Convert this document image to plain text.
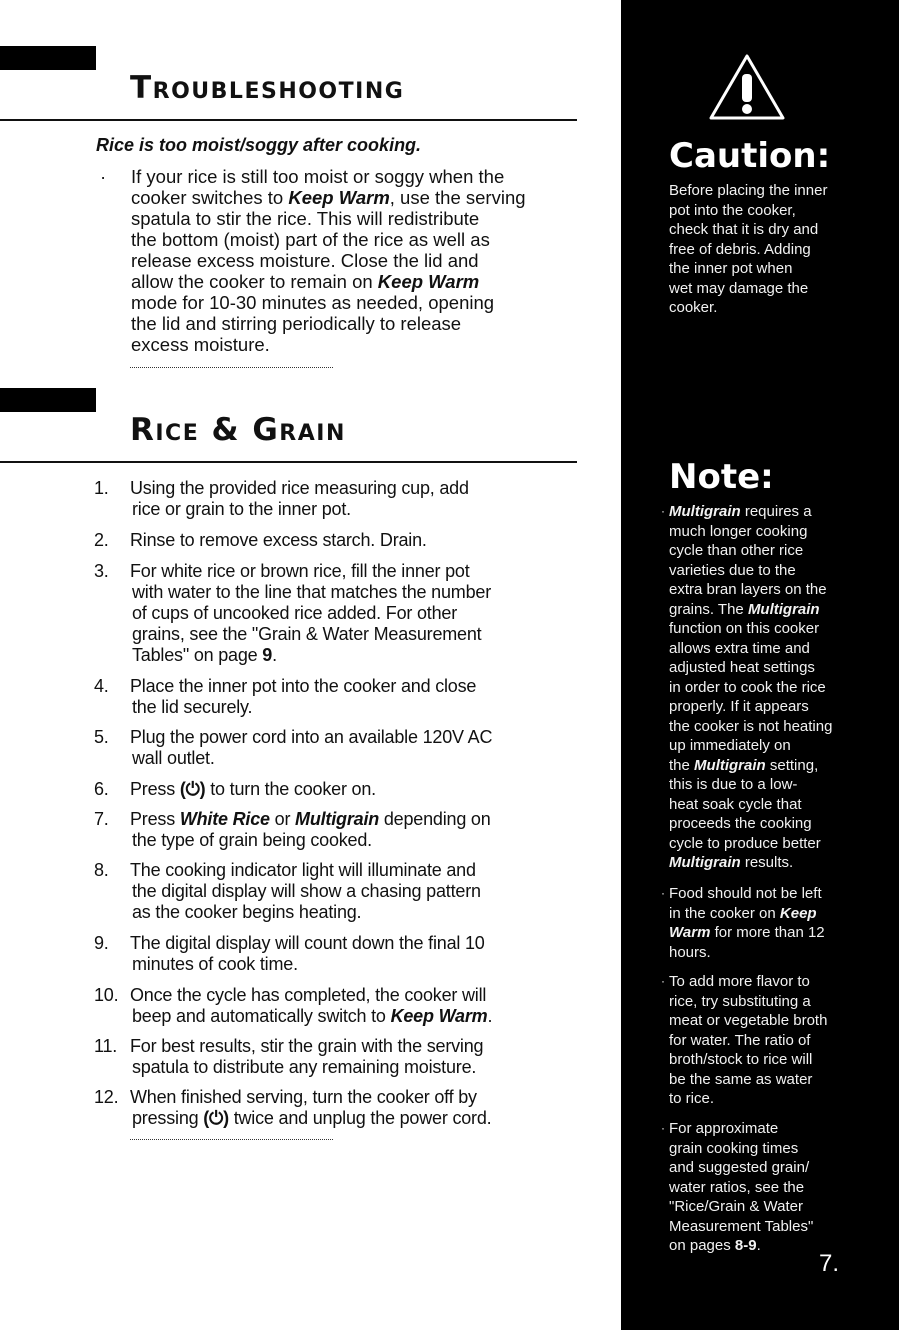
Troubleshooting
Rice is too moist/soggy after cooking.
· If your rice is still too moist or soggy when the
cooker switches to Keep Warm, use the serving
spatula to stir the rice. This will redistribute
the bottom (moist) part of the rice as well as
release excess moisture. Close the lid and
allow the cooker to remain on Keep Warm
mode for 10-30 minutes as needed, opening
the lid and stirring periodically to release
excess moisture.
Rice & Grain
1. Using the provided rice measuring cup, add
rice or grain to the inner pot.
2. Rinse to remove excess starch. Drain.
3. For white rice or brown rice, fill the inner pot
with water to the line that matches the number
of cups of uncooked rice added. For other
grains, see the "Grain & Water Measurement
Tables" on page 9.
4. Place the inner pot into the cooker and close
the lid securely.
5. Plug the power cord into an available 120V AC
wall outlet.
6. Press (⏻) to turn the cooker on.
7. Press White Rice or Multigrain depending on
the type of grain being cooked.
8. The cooking indicator light will illuminate and
the digital display will show a chasing pattern
as the cooker begins heating.
9. The digital display will count down the final 10
minutes of cook time.
10. Once the cycle has completed, the cooker will
beep and automatically switch to Keep Warm.
11. For best results, stir the grain with the serving
spatula to distribute any remaining moisture.
12. When finished serving, turn the cooker off by
pressing (⏻) twice and unplug the power cord.
Caution:
Before placing the inner
pot into the cooker,
check that it is dry and
free of debris. Adding
the inner pot when
wet may damage the
cooker.
Note:
· Multigrain requires a
much longer cooking
cycle than other rice
varieties due to the
extra bran layers on the
grains. The Multigrain
function on this cooker
allows extra time and
adjusted heat settings
in order to cook the rice
properly. If it appears
the cooker is not heating
up immediately on
the Multigrain setting,
this is due to a low-
heat soak cycle that
proceeds the cooking
cycle to produce better
Multigrain results.
· Food should not be left
in the cooker on Keep
Warm for more than 12
hours.
· To add more flavor to
rice, try substituting a
meat or vegetable broth
for water. The ratio of
broth/stock to rice will
be the same as water
to rice.
· For approximate
grain cooking times
and suggested grain/
water ratios, see the
"Rice/Grain & Water
Measurement Tables"
on pages 8-9.
7.
